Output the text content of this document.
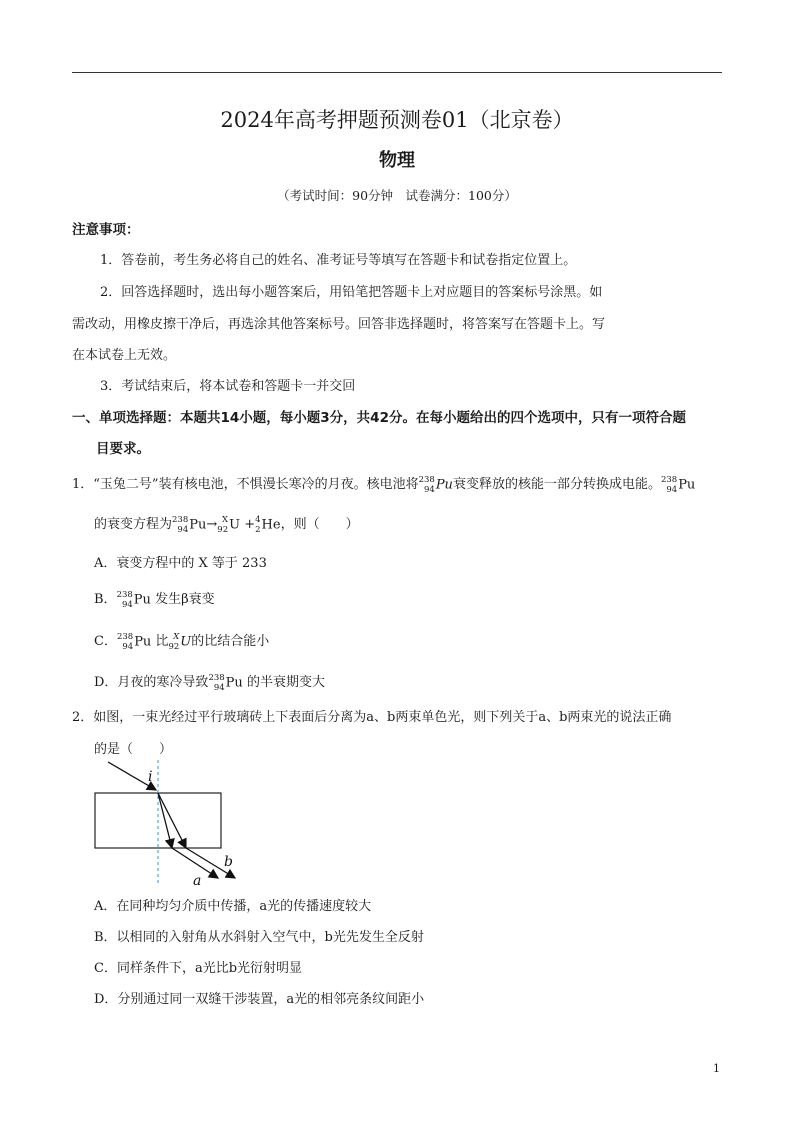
2024年高考押题预测卷01（北京卷）
物理
（考试时间：90分钟　试卷满分：100分）
注意事项：
1．答卷前，考生务必将自己的姓名、准考证号等填写在答题卡和试卷指定位置上。
2．回答选择题时，选出每小题答案后，用铅笔把答题卡上对应题目的答案标号涂黑。如
需改动，用橡皮擦干净后，再选涂其他答案标号。回答非选择题时，将答案写在答题卡上。写
在本试卷上无效。
3．考试结束后，将本试卷和答题卡一并交回
一、单项选择题：本题共14小题，每小题3分，共42分。在每小题给出的四个选项中，只有一项符合题
目要求。
1．“玉兔二号”装有核电池，不惧漫长寒冷的月夜。核电池将 238
94 Pu衰变释放的核能一部分转换成电能。 238
94 Pu
的衰变方程为 238
94 Pu→ X
92 U + 4
2 He，则（　　）
A．衰变方程中的 X 等于 233
B． 238
94 Pu 发生β衰变
C． 238
94 Pu 比 X
92 U的比结合能小
D．月夜的寒冷导致 238
94 Pu 的半衰期变大
2．如图，一束光经过平行玻璃砖上下表面后分离为a、b两束单色光，则下列关于a、b两束光的说法正确
的是（　　）
i
a
b
A．在同种均匀介质中传播，a光的传播速度较大
B．以相同的入射角从水斜射入空气中，b光先发生全反射
C．同样条件下，a光比b光衍射明显
D．分别通过同一双缝干涉装置，a光的相邻亮条纹间距小
1
